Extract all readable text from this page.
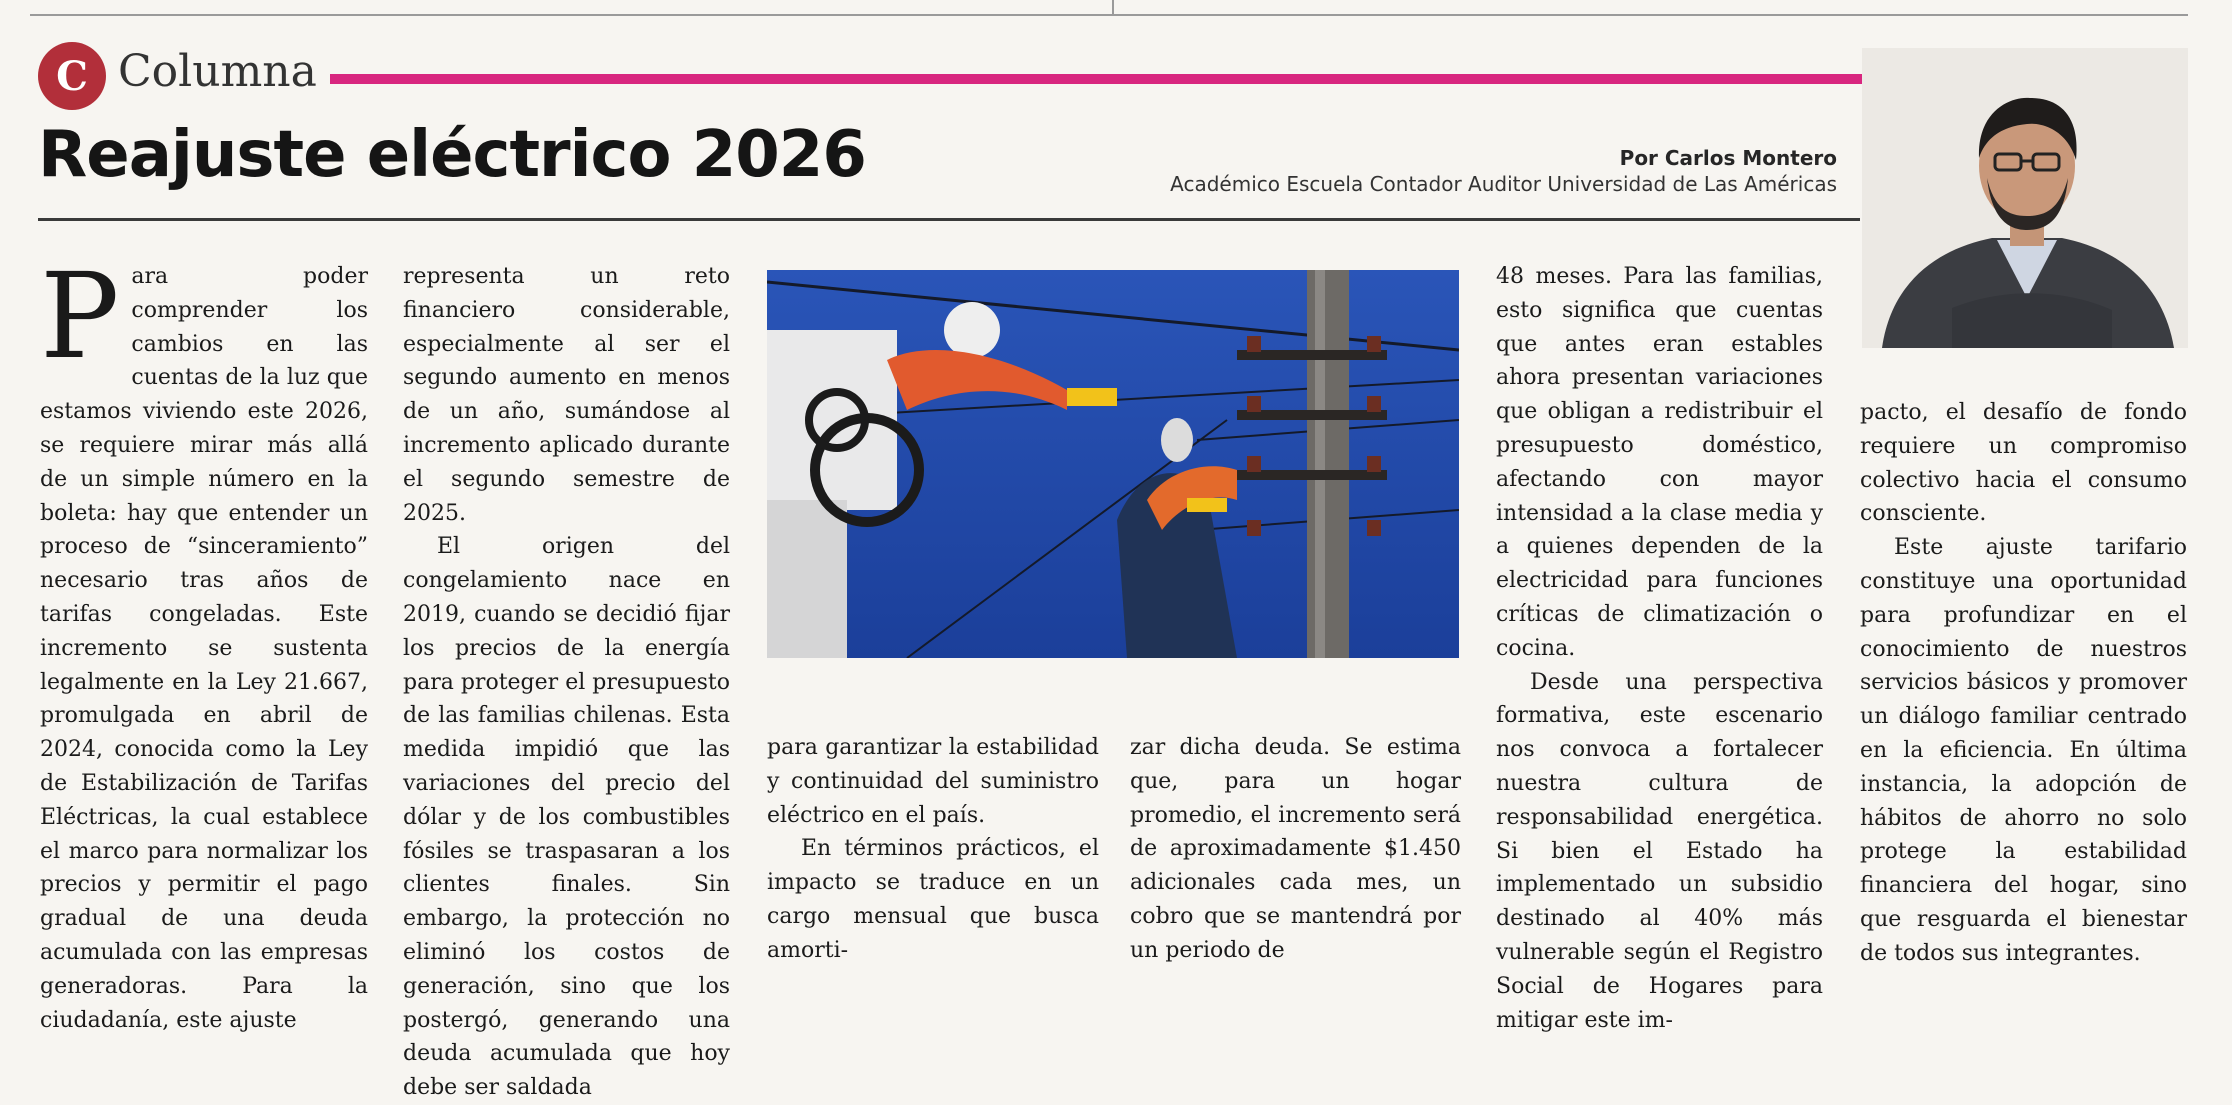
C Columna
Reajuste eléctrico 2026	Por Carlos Montero
Académico Escuela Contador Auditor Universidad de Las Américas
P ara poder comprender los cambios en las cuentas de la luz que estamos viviendo este 2026, se requiere mirar más allá de un simple número en la boleta: hay que entender un proceso de “sinceramiento” necesario tras años de tarifas congeladas. Este incremento se sustenta legalmente en la Ley 21.667, promulgada en abril de 2024, conocida como la Ley de Estabilización de Tarifas Eléctricas, la cual establece el marco para normalizar los precios y permitir el pago gradual de una deuda acumulada con las empresas generadoras. Para la ciudadanía, este ajuste

representa un reto financiero considerable, especialmente al ser el segundo aumento en menos de un año, sumándose al incremento aplicado durante el segundo semestre de 2025.

El origen del congelamiento nace en 2019, cuando se decidió fijar los precios de la energía para proteger el presupuesto de las familias chilenas. Esta medida impidió que las variaciones del precio del dólar y de los combustibles fósiles se traspasaran a los clientes finales. Sin embargo, la protección no eliminó los costos de generación, sino que los postergó, generando una deuda acumulada que hoy debe ser saldada

para garantizar la estabilidad y continuidad del suministro eléctrico en el país.

En términos prácticos, el impacto se traduce en un cargo mensual que busca amorti-

zar dicha deuda. Se estima que, para un hogar promedio, el incremento será de aproximadamente $1.450 adicionales cada mes, un cobro que se mantendrá por un periodo de

48 meses. Para las familias, esto significa que cuentas que antes eran estables ahora presentan variaciones que obligan a redistribuir el presupuesto doméstico, afectando con mayor intensidad a la clase media y a quienes dependen de la electricidad para funciones críticas de climatización o cocina.

Desde una perspectiva formativa, este escenario nos convoca a fortalecer nuestra cultura de responsabilidad energética. Si bien el Estado ha implementado un subsidio destinado al 40% más vulnerable según el Registro Social de Hogares para mitigar este im-

pacto, el desafío de fondo requiere un compromiso colectivo hacia el consumo consciente.

Este ajuste tarifario constituye una oportunidad para profundizar en el conocimiento de nuestros servicios básicos y promover un diálogo familiar centrado en la eficiencia. En última instancia, la adopción de hábitos de ahorro no solo protege la estabilidad financiera del hogar, sino que resguarda el bienestar de todos sus integrantes.
